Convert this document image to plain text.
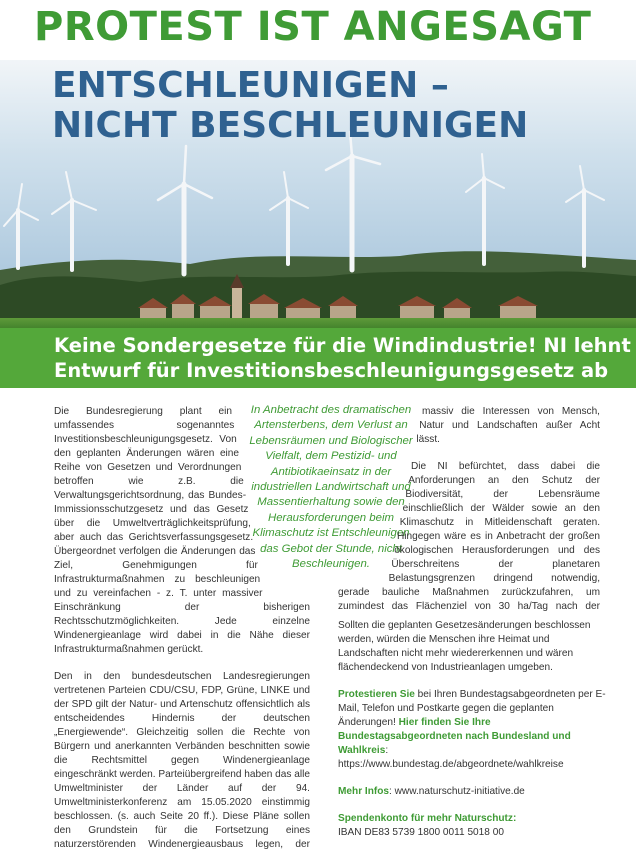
PROTEST IST ANGESAGT
ENTSCHLEUNIGEN –
NICHT BESCHLEUNIGEN
Keine Sondergesetze für die Windindustrie! NI lehnt
Entwurf für Investitionsbeschleunigungsgesetz ab

Die Bundesregierung plant ein umfassendes sogenanntes Investitionsbeschleunigungsgesetz. Von den geplanten Änderungen wären eine Reihe von Gesetzen und Verordnungen betroffen wie z.B. die Verwaltungsgerichtsordnung, das Bundes-Immissionsschutzgesetz und das Gesetz über die Umweltverträglichkeitsprüfung, aber auch das Gerichtsverfassungsgesetz. Übergeordnet verfolgen die Änderungen das Ziel, Genehmigungen für Infrastrukturmaßnahmen zu beschleunigen und zu vereinfachen - z. T. unter massiver Einschränkung der bisherigen Rechtsschutzmöglichkeiten. Jede einzelne Windenergieanlage wird dabei in die Nähe dieser Infrastrukturmaßnahmen gerückt.

Den in den bundesdeutschen Landesregierungen vertretenen Parteien CDU/CSU, FDP, Grüne, LINKE und der SPD gilt der Natur- und Artenschutz offensichtlich als entscheidendes Hindernis der deutschen „Energiewende“. Gleichzeitig sollen die Rechte von Bürgern und anerkannten Verbänden beschnitten sowie die Rechtsmittel gegen Windenergieanlage eingeschränkt werden. Parteiübergreifend haben das alle Umweltminister der Länder auf der 94. Umweltministerkonferenz am 15.05.2020 einstimmig beschlossen. (s. auch Seite 20 ff.). Diese Pläne sollen den Grundstein für die Fortsetzung eines naturzerstörenden Windenergieausbaus legen, der

In Anbetracht des dramatischen Artensterbens, dem Verlust an Lebensräumen und Biologischer Vielfalt, dem Pestizid- und Antibiotikaeinsatz in der industriellen Landwirtschaft und Massentierhaltung sowie den Herausforderungen beim Klimaschutz ist Entschleunigen das Gebot der Stunde, nicht Beschleunigen.

massiv die Interessen von Mensch, Natur und Landschaften außer Acht lässt.

Die NI befürchtet, dass dabei die Anforderungen an den Schutz der Biodiversität, der Lebensräume einschließlich der Wälder sowie an den Klimaschutz in Mitleidenschaft geraten. Hingegen wäre es in Anbetracht der großen ökologischen Herausforderungen und des Überschreitens der planetaren Belastungsgrenzen dringend notwendig, gerade bauliche Maßnahmen zurückzufahren, um zumindest das Flächenziel von 30 ha/Tag nach der

Sollten die geplanten Gesetzesänderungen beschlossen werden, würden die Menschen ihre Heimat und Landschaften nicht mehr wiedererkennen und wären flächendeckend von Industrieanlagen umgeben.

Protestieren Sie bei Ihren Bundestagsabgeordneten per E-Mail, Telefon und Postkarte gegen die geplanten Änderungen! Hier finden Sie Ihre Bundestagsabgeordneten nach Bundesland und Wahlkreis:
https://www.bundestag.de/abgeordnete/wahlkreise

Mehr Infos: www.naturschutz-initiative.de

Spendenkonto für mehr Naturschutz:
IBAN DE83 5739 1800 0011 5018 00
